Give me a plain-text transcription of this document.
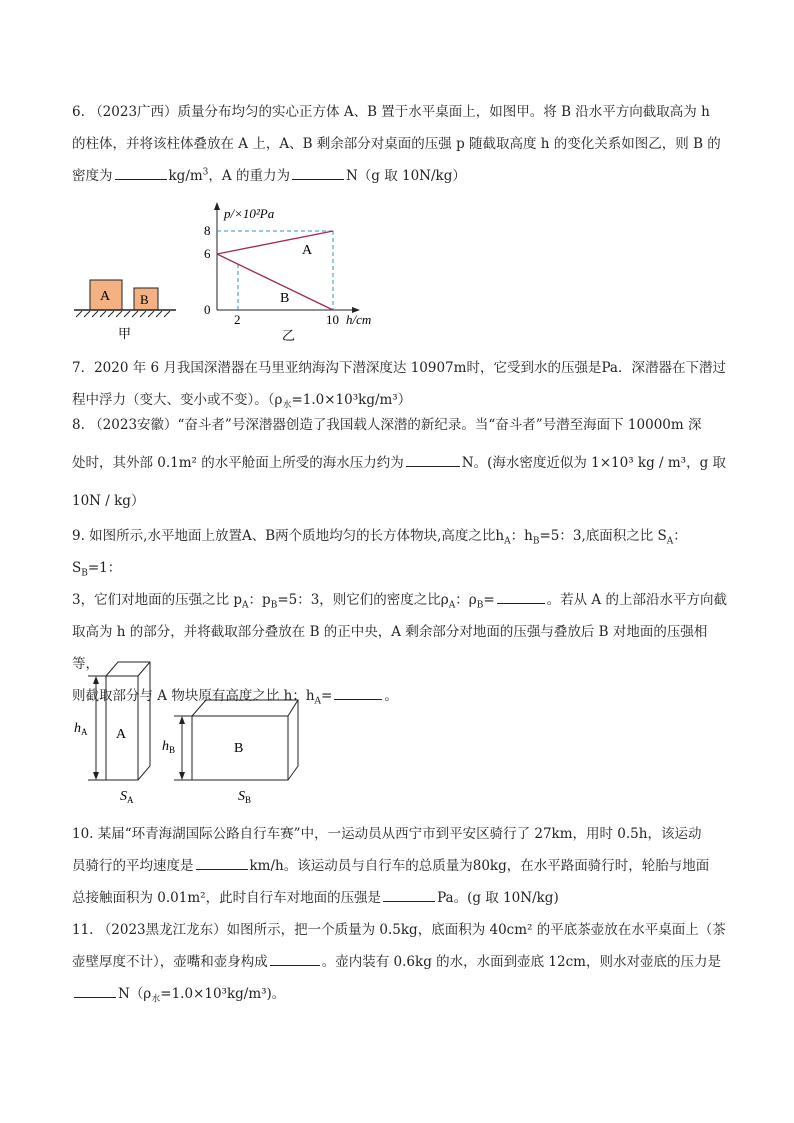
6. （2023广西）质量分布均匀的实心正方体 A、B 置于水平桌面上，如图甲。将 B 沿水平方向截取高为 h
的柱体，并将该柱体叠放在 A 上，A、B 剩余部分对桌面的压强 p 随截取高度 h 的变化关系如图乙，则 B 的
密度为	$kg/m^3$，A 的重力为	N（g 取 10N/kg）
A B
甲
p/×10²Pa
h/cm
8
6
0
2	10
A
B
乙
7．2020 年 6 月我国深潜器在马里亚纳海沟下潜深度达 10907m时，它受到水的压强是Pa．深潜器在下潜过
程中浮力（变大、变小或不变）。$(\rho_水=1.0\times 10^3kg/m^3)$
8. （2023安徽）“奋斗者”号深潜器创造了我国载人深潜的新纪录。当“奋斗者”号潜至海面下 10000m 深
处时，其外部 0.1m² 的水平舱面上所受的海水压力约为	N。(海水密度近似为 1×10³ kg / m³，g 取
10N / kg）
9. 如图所示,水平地面上放置A、B两个质地均匀的长方体物块,高度之比$h_A$：$h_B=5$：3,底面积之比 $S_A$：$S_B=1$：
3，它们对地面的压强之比 $p_A$：$p_B=5$：3，则它们的密度之比$\rho_A$：$\rho_B=$	。若从 A 的上部沿水平方向截
取高为 h 的部分，并将截取部分叠放在 B 的正中央，A 剩余部分对地面的压强与叠放后 B 对地面的压强相等，
则截取部分与 A 物块原有高度之比 h：$h_A=$	。
A
$h_A$
$S_A$
B
$h_B$
$S_B$
10. 某届“环青海湖国际公路自行车赛”中，一运动员从西宁市到平安区骑行了 27km，用时 0.5h，该运动
员骑行的平均速度是	km/h。该运动员与自行车的总质量为80kg，在水平路面骑行时，轮胎与地面
总接触面积为 0.01m²，此时自行车对地面的压强是	Pa。(g 取 10N/kg)
11. （2023黑龙江龙东）如图所示，把一个质量为 0.5kg，底面积为 40cm² 的平底茶壶放在水平桌面上（茶
壶壁厚度不计），壶嘴和壶身构成	。壶内装有 0.6kg 的水，水面到壶底 12cm，则水对壶底的压力是
$N(\rho_水=1.0\times 10^3kg/m^3)$。
